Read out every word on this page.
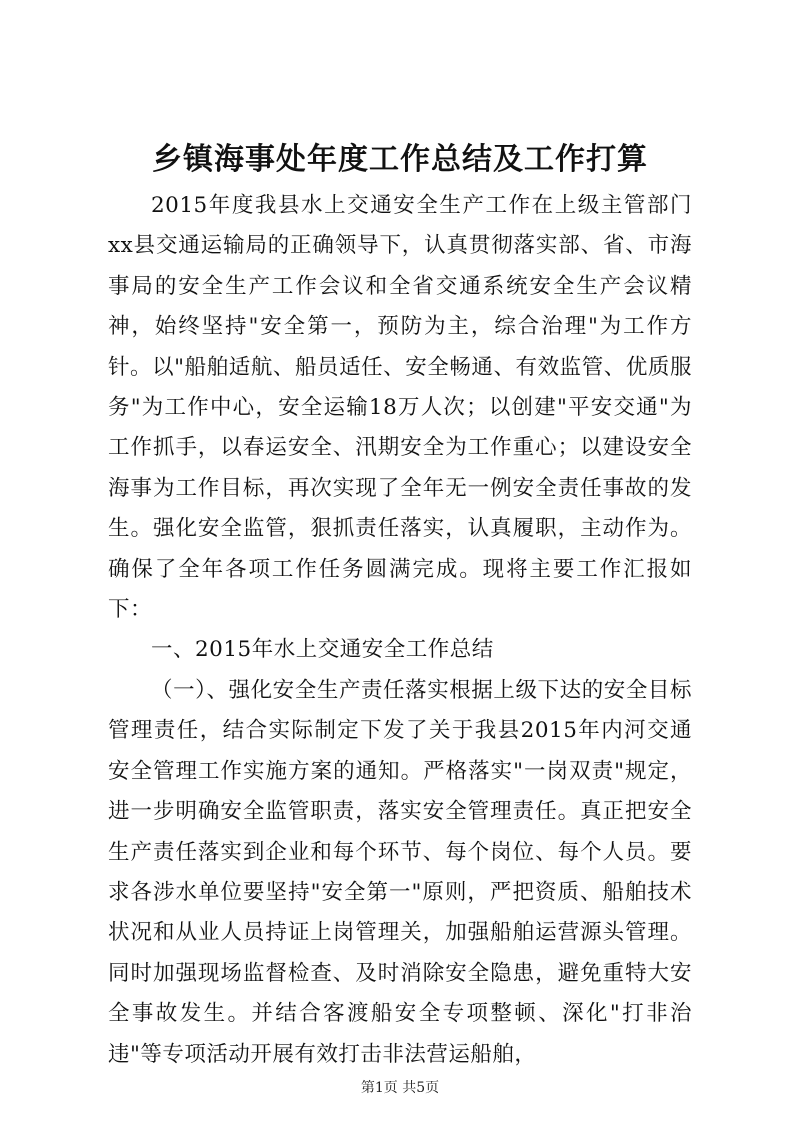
乡镇海事处年度工作总结及工作打算

2015年度我县水上交通安全生产工作在上级主管部门xx县交通运输局的正确领导下，认真贯彻落实部、省、市海事局的安全生产工作会议和全省交通系统安全生产会议精神，始终坚持"安全第一，预防为主，综合治理"为工作方针。以"船舶适航、船员适任、安全畅通、有效监管、优质服务"为工作中心，安全运输18万人次；以创建"平安交通"为工作抓手，以春运安全、汛期安全为工作重心；以建设安全海事为工作目标，再次实现了全年无一例安全责任事故的发生。强化安全监管，狠抓责任落实，认真履职，主动作为。确保了全年各项工作任务圆满完成。现将主要工作汇报如下：

一、2015年水上交通安全工作总结

（一）、强化安全生产责任落实根据上级下达的安全目标管理责任，结合实际制定下发了关于我县2015年内河交通安全管理工作实施方案的通知。严格落实"一岗双责"规定，进一步明确安全监管职责，落实安全管理责任。真正把安全生产责任落实到企业和每个环节、每个岗位、每个人员。要求各涉水单位要坚持"安全第一"原则，严把资质、船舶技术状况和从业人员持证上岗管理关，加强船舶运营源头管理。同时加强现场监督检查、及时消除安全隐患，避免重特大安全事故发生。并结合客渡船安全专项整顿、深化"打非治违"等专项活动开展有效打击非法营运船舶，

第1页 共5页
